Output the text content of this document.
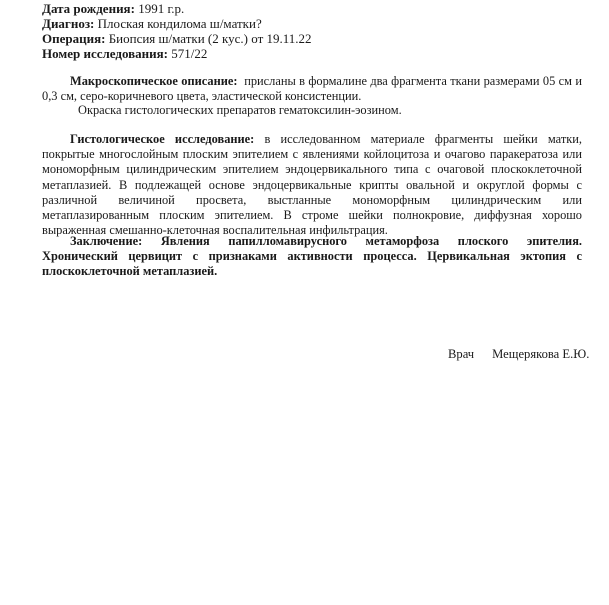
Дата рождения: 1991 г.р.
Диагноз: Плоская кондилома ш/матки?
Операция: Биопсия ш/матки (2 кус.) от 19.11.22
Номер исследования: 571/22

Макроскопическое описание: присланы в формалине два фрагмента ткани размерами 05 см и 0,3 см, серо-коричневого цвета, эластической консистенции.

Окраска гистологических препаратов гематоксилин-эозином.

Гистологическое исследование: в исследованном материале фрагменты шейки матки, покрытые многослойным плоским эпителием с явлениями койлоцитоза и очагово паракератоза или мономорфным цилиндрическим эпителием эндоцервикального типа с очаговой плоскоклеточной метаплазией. В подлежащей основе эндоцервикальные крипты овальной и округлой формы с различной величиной просвета, выстланные мономорфным цилиндрическим или метаплазированным плоским эпителием. В строме шейки полнокровие, диффузная хорошо выраженная смешанно-клеточная воспалительная инфильтрация.

Заключение: Явления папилломавирусного метаморфоза плоского эпителия. Хронический цервицит с признаками активности процесса. Цервикальная эктопия с плоскоклеточной метаплазией.

Врач Мещерякова Е.Ю.
